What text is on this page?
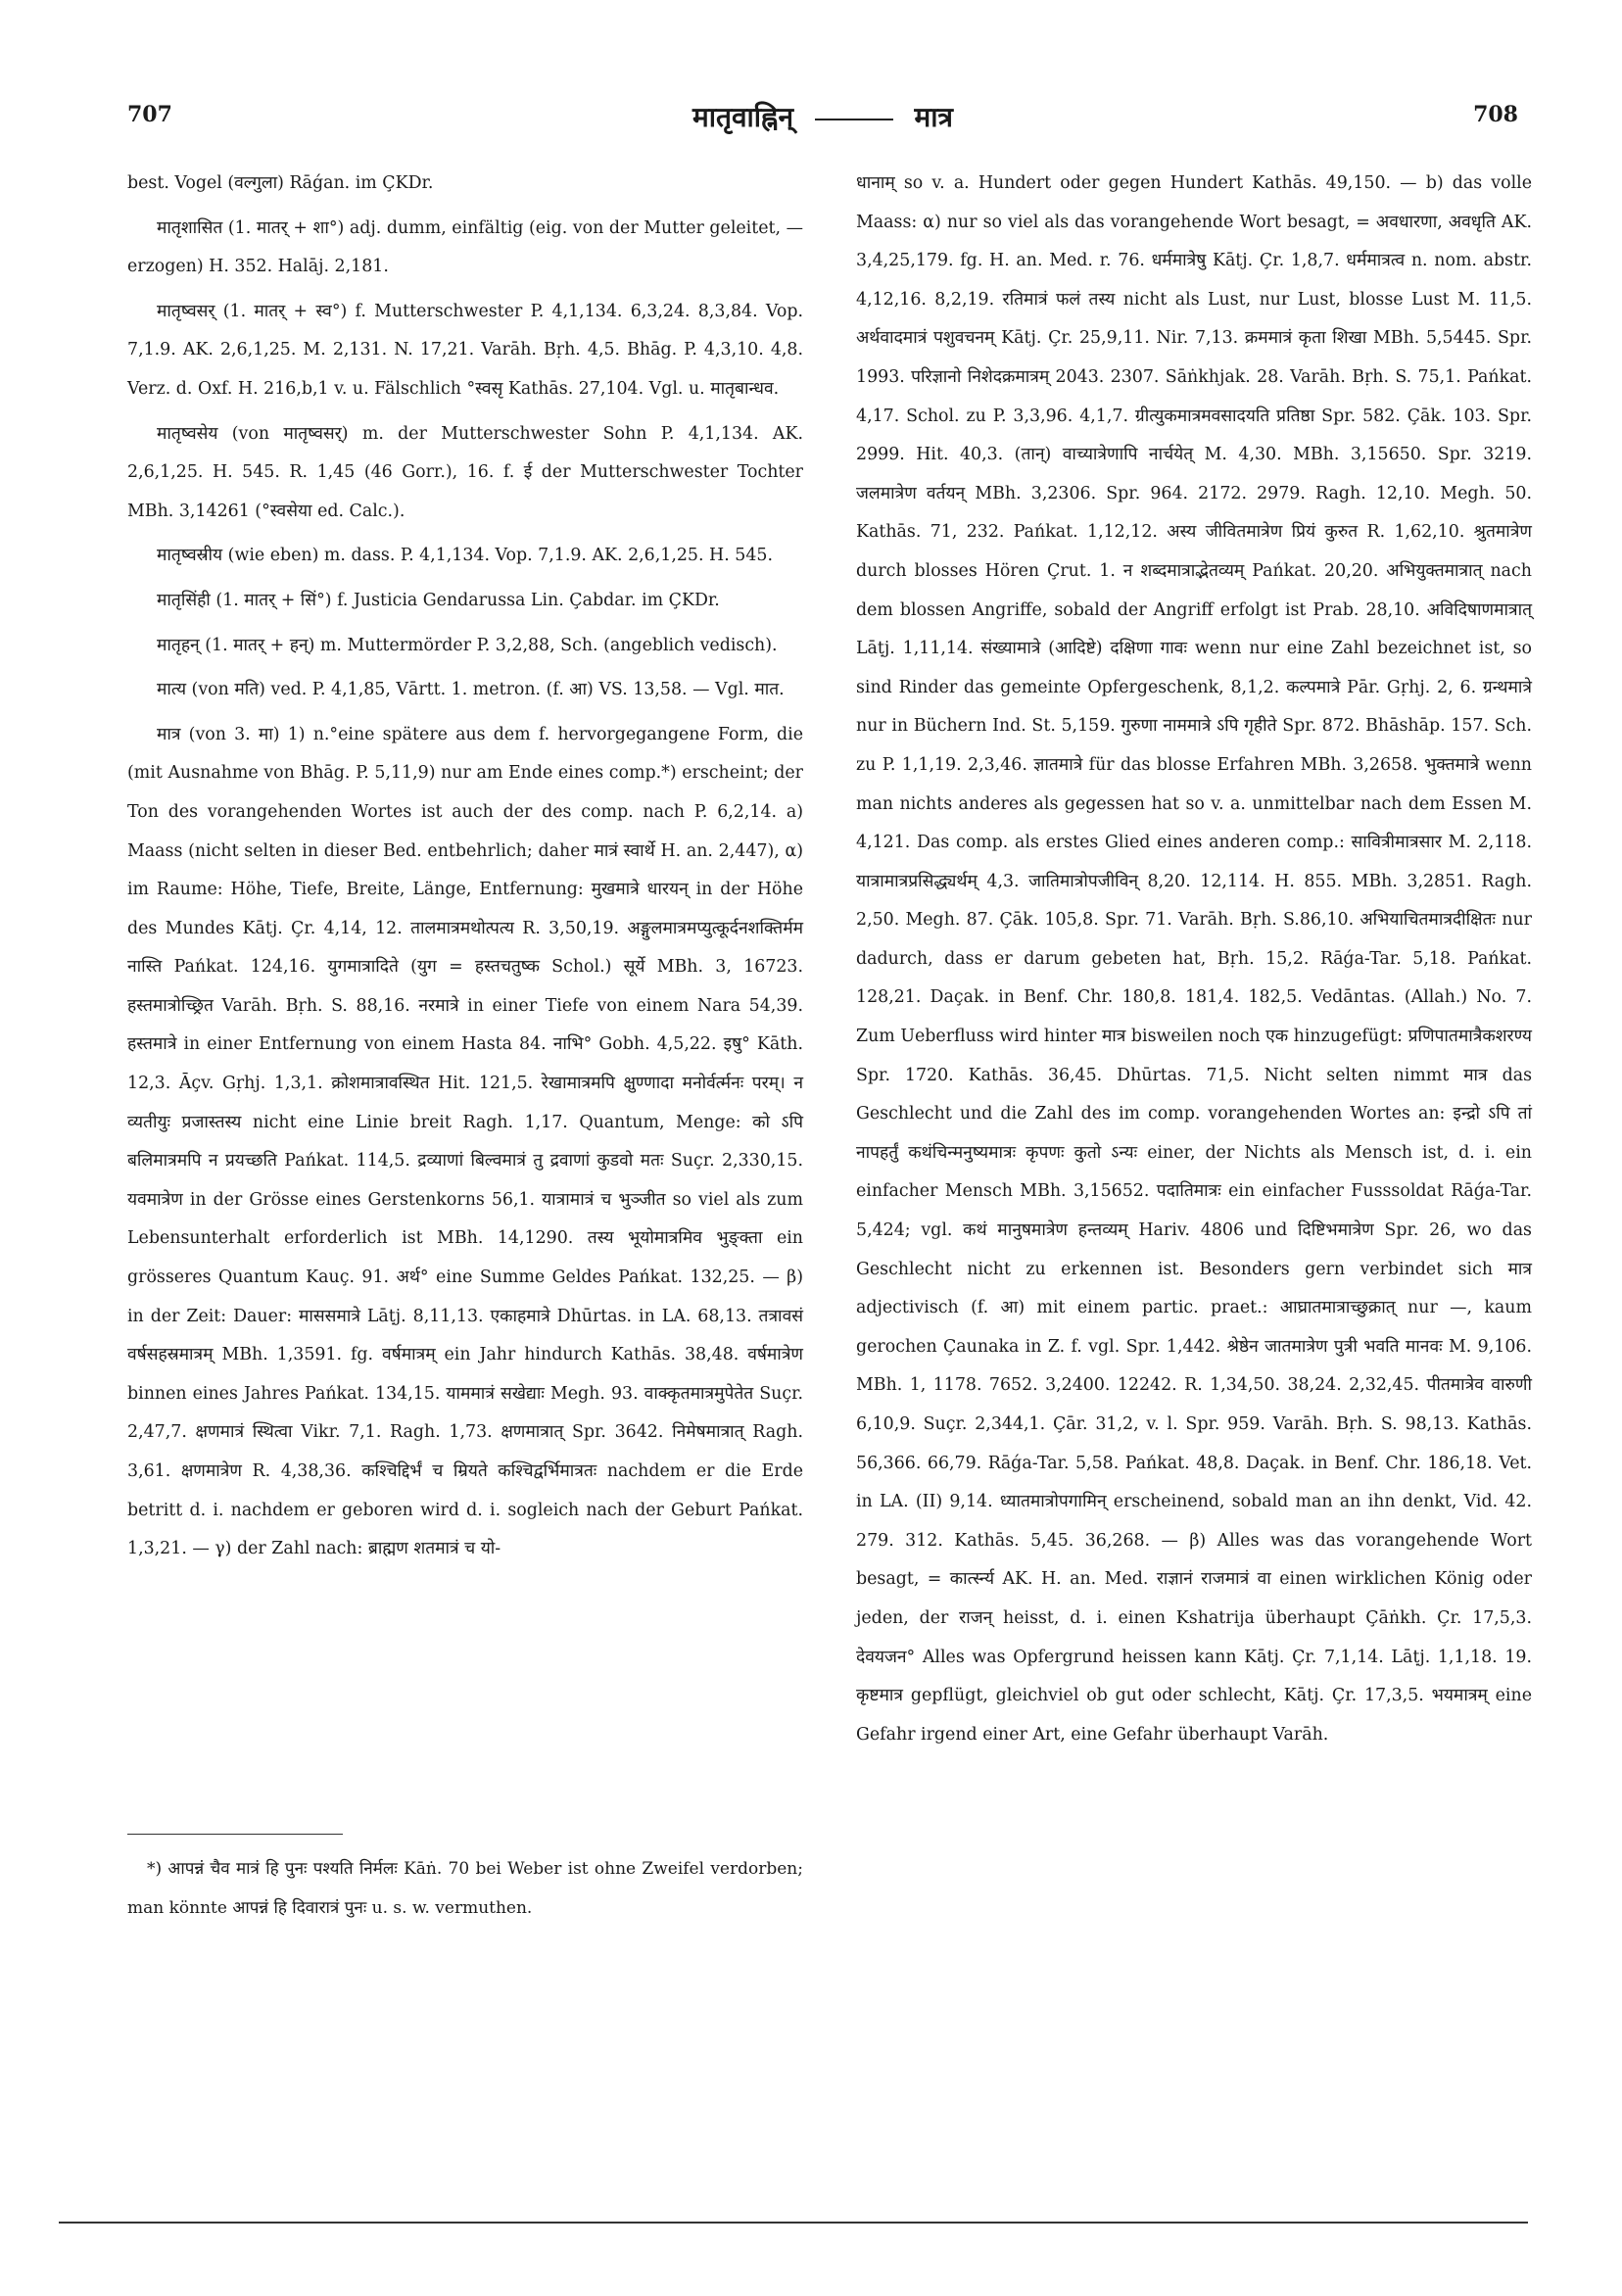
707	मातृवाह्निन्	मात्र	708

best. Vogel (वल्गुला) Rāǵan. im ÇKDr.

मातृशासित (1. मातर् + शा°) adj. dumm, einfältig (eig. von der Mutter geleitet, — erzogen) H. 352. Halāj. 2,181.

मातृष्वसर् (1. मातर् + स्व°) f. Mutterschwester P. 4,1,134. 6,3,24. 8,3,84. Vop. 7,1.9. AK. 2,6,1,25. M. 2,131. N. 17,21. Varāh. Bṛh. 4,5. Bhāg. P. 4,3,10. 4,8. Verz. d. Oxf. H. 216,b,1 v. u. Fälschlich °स्वसृ Kathās. 27,104. Vgl. u. मातृबान्धव.

मातृष्वसेय (von मातृष्वसर्) m. der Mutterschwester Sohn P. 4,1,134. AK. 2,6,1,25. H. 545. R. 1,45 (46 Gorr.), 16. f. ई der Mutterschwester Tochter MBh. 3,14261 (°स्वसेया ed. Calc.).

मातृष्वस्रीय (wie eben) m. dass. P. 4,1,134. Vop. 7,1.9. AK. 2,6,1,25. H. 545.

मातृसिंही (1. मातर् + सिं°) f. Justicia Gendarussa Lin. Çabdar. im ÇKDr.

मातृहन् (1. मातर् + हन्) m. Muttermörder P. 3,2,88, Sch. (angeblich vedisch).

मात्य (von मति) ved. P. 4,1,85, Vārtt. 1. metron. (f. आ) VS. 13,58. — Vgl. मात.

मात्र (von 3. मा) 1) n.°eine spätere aus dem f. hervorgegangene Form, die (mit Ausnahme von Bhāg. P. 5,11,9) nur am Ende eines comp.*) erscheint; der Ton des vorangehenden Wortes ist auch der des comp. nach P. 6,2,14. a) Maass (nicht selten in dieser Bed. entbehrlich; daher मात्रं स्वार्थे H. an. 2,447), α) im Raume: Höhe, Tiefe, Breite, Länge, Entfernung: मुखमात्रे धारयन् in der Höhe des Mundes Kātj. Çr. 4,14, 12. तालमात्रमथोत्पत्य R. 3,50,19. अङ्गुलमात्रमप्युत्कूर्दनशक्तिर्मम नास्ति Pańkat. 124,16. युगमात्रादिते (युग = हस्तचतुष्क Schol.) सूर्ये MBh. 3, 16723. हस्तमात्रोच्छ्रित Varāh. Bṛh. S. 88,16. नरमात्रे in einer Tiefe von einem Nara 54,39. हस्तमात्रे in einer Entfernung von einem Hasta 84. नाभि° Gobh. 4,5,22. इषु° Kāth. 12,3. Āçv. Gṛhj. 1,3,1. क्रोशमात्रावस्थित Hit. 121,5. रेखामात्रमपि क्षुण्णादा मनोर्वर्त्मनः परम्। न व्यतीयुः प्रजास्तस्य nicht eine Linie breit Ragh. 1,17. Quantum, Menge: को ऽपि बलिमात्रमपि न प्रयच्छति Pańkat. 114,5. द्रव्याणां बिल्वमात्रं तु द्रवाणां कुडवो मतः Suçr. 2,330,15. यवमात्रेण in der Grösse eines Gerstenkorns 56,1. यात्रामात्रं च भुञ्जीत so viel als zum Lebensunterhalt erforderlich ist MBh. 14,1290. तस्य भूयोमात्रमिव भुङ्क्ता ein grösseres Quantum Kauç. 91. अर्थ° eine Summe Geldes Pańkat. 132,25. — β) in der Zeit: Dauer: माससमात्रे Lāṭj. 8,11,13. एकाहमात्रे Dhūrtas. in LA. 68,13. तत्रावसं वर्षसहस्रमात्रम् MBh. 1,3591. fg. वर्षमात्रम् ein Jahr hindurch Kathās. 38,48. वर्षमात्रेण binnen eines Jahres Pańkat. 134,15. याममात्रं सखेद्याः Megh. 93. वाक्कृतमात्रमुपेतेत Suçr. 2,47,7. क्षणमात्रं स्थित्वा Vikr. 7,1. Ragh. 1,73. क्षणमात्रात् Spr. 3642. निमेषमात्रात् Ragh. 3,61. क्षणमात्रेण R. 4,38,36. कश्चिद्दिर्भं च म्रियते कश्चिद्वर्भिमात्रतः nachdem er die Erde betritt d. i. nachdem er geboren wird d. i. sogleich nach der Geburt Pańkat. 1,3,21. — γ) der Zahl nach: ब्राह्मण शतमात्रं च यो-

*) आपन्नं चैव मात्रं हि पुनः पश्यति निर्मलः Kāṅ. 70 bei Weber ist ohne Zweifel verdorben; man könnte आपन्नं हि दिवारात्रं पुनः u. s. w. vermuthen.

धानाम् so v. a. Hundert oder gegen Hundert Kathās. 49,150. — b) das volle Maass: α) nur so viel als das vorangehende Wort besagt, = अवधारणा, अवधृति AK. 3,4,25,179. fg. H. an. Med. r. 76. धर्ममात्रेषु Kātj. Çr. 1,8,7. धर्ममात्रत्व n. nom. abstr. 4,12,16. 8,2,19. रतिमात्रं फलं तस्य nicht als Lust, nur Lust, blosse Lust M. 11,5. अर्थवादमात्रं पशुवचनम् Kātj. Çr. 25,9,11. Nir. 7,13. क्रममात्रं कृता शिखा MBh. 5,5445. Spr. 1993. परिज्ञानो निशेदक्रमात्रम् 2043. 2307. Sāṅkhjak. 28. Varāh. Bṛh. S. 75,1. Pańkat. 4,17. Schol. zu P. 3,3,96. 4,1,7. ग्रीत्युकमात्रमवसादयति प्रतिष्ठा Spr. 582. Çāk. 103. Spr. 2999. Hit. 40,3. (तान्) वाच्यात्रेणापि नार्चयेत् M. 4,30. MBh. 3,15650. Spr. 3219. जलमात्रेण वर्तयन् MBh. 3,2306. Spr. 964. 2172. 2979. Ragh. 12,10. Megh. 50. Kathās. 71, 232. Pańkat. 1,12,12. अस्य जीवितमात्रेण प्रियं कुरुत R. 1,62,10. श्रुतमात्रेण durch blosses Hören Çrut. 1. न शब्दमात्राद्भेतव्यम् Pańkat. 20,20. अभियुक्तमात्रात् nach dem blossen Angriffe, sobald der Angriff erfolgt ist Prab. 28,10. अविदिषाणमात्रात् Lāṭj. 1,11,14. संख्यामात्रे (आदिष्टे) दक्षिणा गावः wenn nur eine Zahl bezeichnet ist, so sind Rinder das gemeinte Opfergeschenk, 8,1,2. कल्पमात्रे Pār. Gṛhj. 2, 6. ग्रन्थमात्रे nur in Büchern Ind. St. 5,159. गुरुणा नाममात्रे ऽपि गृहीते Spr. 872. Bhāshāp. 157. Sch. zu P. 1,1,19. 2,3,46. ज्ञातमात्रे für das blosse Erfahren MBh. 3,2658. भुक्तमात्रे wenn man nichts anderes als gegessen hat so v. a. unmittelbar nach dem Essen M. 4,121. Das comp. als erstes Glied eines anderen comp.: सावित्रीमात्रसार M. 2,118. यात्रामात्रप्रसिद्ध्यर्थम् 4,3. जातिमात्रोपजीविन् 8,20. 12,114. H. 855. MBh. 3,2851. Ragh. 2,50. Megh. 87. Çāk. 105,8. Spr. 71. Varāh. Bṛh. S.86,10. अभियाचितमात्रदीक्षितः nur dadurch, dass er darum gebeten hat, Bṛh. 15,2. Rāǵa-Tar. 5,18. Pańkat. 128,21. Daçak. in Benf. Chr. 180,8. 181,4. 182,5. Vedāntas. (Allah.) No. 7. Zum Ueberfluss wird hinter मात्र bisweilen noch एक hinzugefügt: प्रणिपातमात्रैकशरण्य Spr. 1720. Kathās. 36,45. Dhūrtas. 71,5. Nicht selten nimmt मात्र das Geschlecht und die Zahl des im comp. vorangehenden Wortes an: इन्द्रो ऽपि तां नापहर्तुं कथंचिन्मनुष्यमात्रः कृपणः कुतो ऽन्यः einer, der Nichts als Mensch ist, d. i. ein einfacher Mensch MBh. 3,15652. पदातिमात्रः ein einfacher Fusssoldat Rāǵa-Tar. 5,424; vgl. कथं मानुषमात्रेण हन्तव्यम् Hariv. 4806 und दिष्टिभमात्रेण Spr. 26, wo das Geschlecht nicht zu erkennen ist. Besonders gern verbindet sich मात्र adjectivisch (f. आ) mit einem partic. praet.: आघ्रातमात्राच्छुक्रात् nur —, kaum gerochen Çaunaka in Z. f. vgl. Spr. 1,442. श्रेष्ठेन जातमात्रेण पुत्री भवति मानवः M. 9,106. MBh. 1, 1178. 7652. 3,2400. 12242. R. 1,34,50. 38,24. 2,32,45. पीतमात्रेव वारुणी 6,10,9. Suçr. 2,344,1. Çār. 31,2, v. l. Spr. 959. Varāh. Bṛh. S. 98,13. Kathās. 56,366. 66,79. Rāǵa-Tar. 5,58. Pańkat. 48,8. Daçak. in Benf. Chr. 186,18. Vet. in LA. (II) 9,14. ध्यातमात्रोपगामिन् erscheinend, sobald man an ihn denkt, Vid. 42. 279. 312. Kathās. 5,45. 36,268. — β) Alles was das vorangehende Wort besagt, = कार्त्स्न्य AK. H. an. Med. राज्ञानं राजमात्रं वा einen wirklichen König oder jeden, der राजन् heisst, d. i. einen Kshatrija überhaupt Çāṅkh. Çr. 17,5,3. देवयजन° Alles was Opfergrund heissen kann Kātj. Çr. 7,1,14. Lāṭj. 1,1,18. 19. कृष्टमात्र gepflügt, gleichviel ob gut oder schlecht, Kātj. Çr. 17,3,5. भयमात्रम् eine Gefahr irgend einer Art, eine Gefahr überhaupt Varāh.
